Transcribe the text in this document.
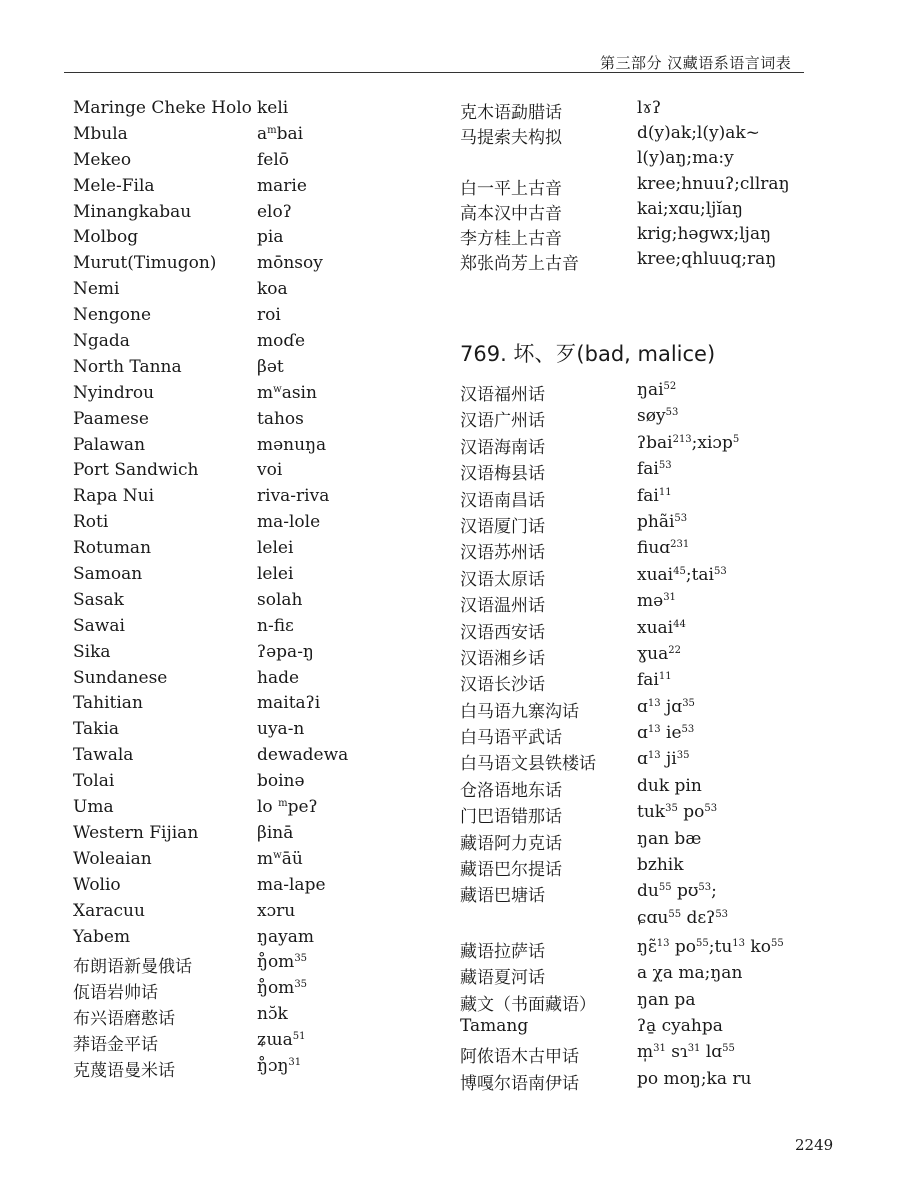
第三部分 汉藏语系语言词表
Maringe Cheke Holo keli
Mbula	$a^mbai$
Mekeo	felō
Mele-Fila	marie
Minangkabau	eloʔ
Molbog	pia
Murut(Timugon) mōnsoy
Nemi	koa
Nengone	roi
Ngada	moɗe
North Tanna	βət
Nyindrou	$m^wasin$
Paamese	tahos
Palawan	mənuŋa
Port Sandwich	voi
Rapa Nui	riva-riva
Roti	ma-lole
Rotuman	lelei
Samoan	lelei
Sasak	solah
Sawai	n-fiɛ
Sika	ʔəpa-ŋ
Sundanese	hade
Tahitian	maitaʔi
Takia	uya-n
Tawala	dewadewa
Tolai	boinə
Uma	lo $^m$peʔ
Western Fijian	βinā
Woleaian	$m^wāü$
Wolio	ma-lape
Xaracuu	xɔru
Yabem	ŋayam
布朗语新曼俄话	$ŋ̊om^{35}$
佤语岩帅话	$ŋ̊om^{35}$
布兴语磨憨话	nɔ̆k
莽语金平话	ʑɯa$^{51}$
克蔑语曼米话	ŋ̊ɔŋ$^{31}$
克木语勐腊话	lɤʔ
马提索夫构拟	d(y)ak;l(y)ak~
l(y)aŋ;ma:y
白一平上古音	kree;hnuuʔ;cllraŋ
高本汉中古音	kai;xɑu;ljĭaŋ
李方桂上古音	krig;həgwx;ljaŋ
郑张尚芳上古音	kree;qhluuq;raŋ
769. 坏、歹(bad, malice)
汉语福州话	ŋai$^{52}$
汉语广州话	søy$^{53}$
汉语海南话	ʔbai$^{213}$;xiɔp$^5$
汉语梅县话	fai$^{53}$
汉语南昌话	fai$^{11}$
汉语厦门话	phãi$^{53}$
汉语苏州话	fiuɑ$^{231}$
汉语太原话	xuai$^{45}$;tai$^{53}$
汉语温州话	mə$^{31}$
汉语西安话	xuai$^{44}$
汉语湘乡话	ɣua$^{22}$
汉语长沙话	fai$^{11}$
白马语九寨沟话	ɑ$^{13}$ jɑ$^{35}$
白马语平武话	ɑ$^{13}$ $ie^{53}$
白马语文县铁楼话 ɑ$^{13}$ $ji^{35}$
仓洛语地东话	duk pin
门巴语错那话	tuk$^{35}$ $po^{53}$
藏语阿力克话	ŋan bæ
藏语巴尔提话	bzhik
藏语巴塘话	$du^{55}$ pʊ$^{53}$;
ɕɑu$^{55}$ dɛʔ$^{53}$
藏语拉萨话	ŋɛ̃$^{13}$ $po^{55};tu^{13}$ $ko^{55}$
藏语夏河话	a χa ma;ŋan
藏文（书面藏语） ŋan pa
Tamang	ʔa̱ cyahpa
阿侬语木古甲话	m̩$^{31}$ sɿ$^{31}$ lɑ$^{55}$
博嘎尔语南伊话	po moŋ;ka ru
2249
